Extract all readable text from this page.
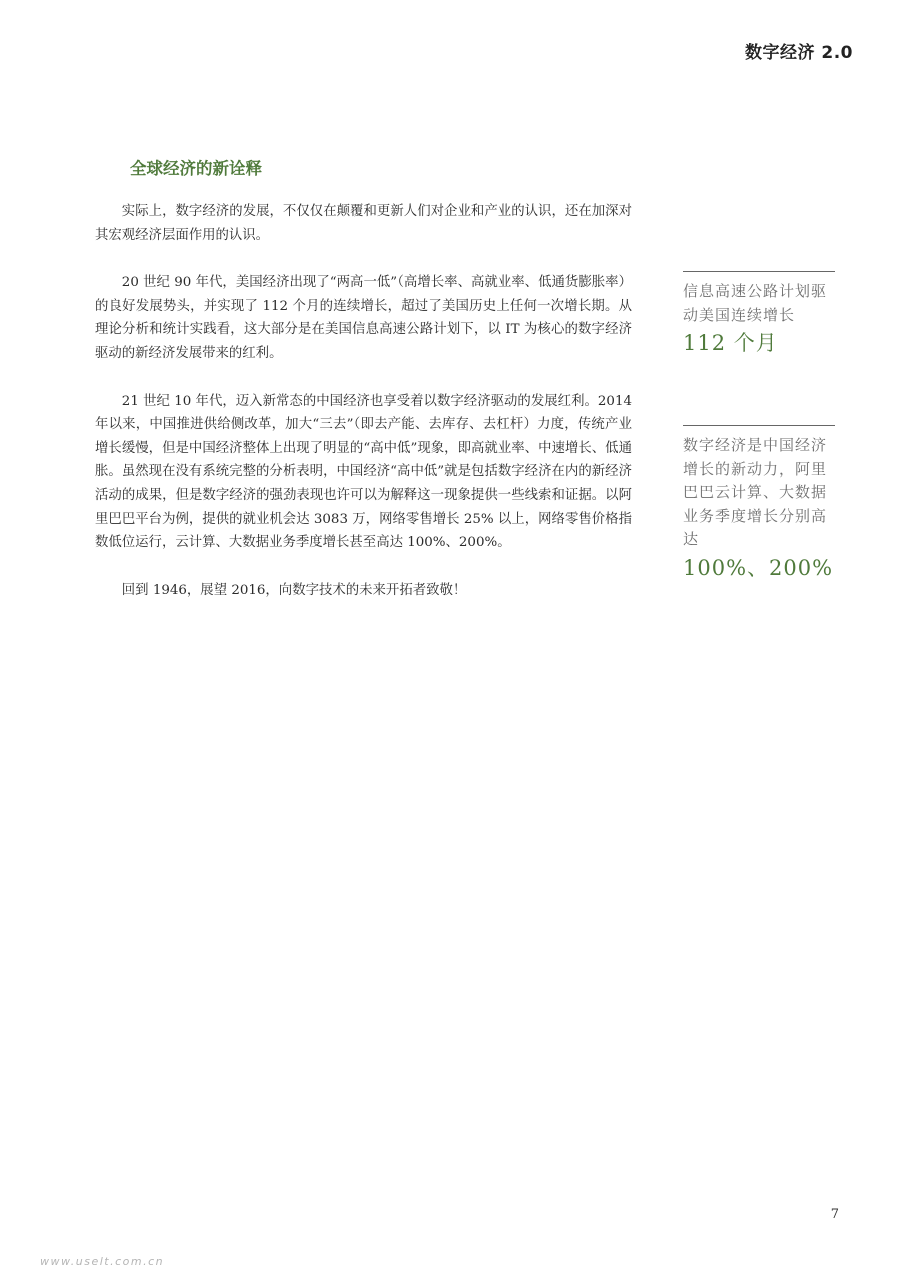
数字经济 2.0
全球经济的新诠释

实际上，数字经济的发展，不仅仅在颠覆和更新人们对企业和产业的认识，还在加深对其宏观经济层面作用的认识。

20 世纪 90 年代，美国经济出现了“两高一低”（高增长率、高就业率、低通货膨胀率）的良好发展势头，并实现了 112 个月的连续增长，超过了美国历史上任何一次增长期。从理论分析和统计实践看，这大部分是在美国信息高速公路计划下，以 IT 为核心的数字经济驱动的新经济发展带来的红利。

21 世纪 10 年代，迈入新常态的中国经济也享受着以数字经济驱动的发展红利。2014 年以来，中国推进供给侧改革，加大“三去”（即去产能、去库存、去杠杆）力度，传统产业增长缓慢，但是中国经济整体上出现了明显的“高中低”现象，即高就业率、中速增长、低通胀。虽然现在没有系统完整的分析表明，中国经济“高中低”就是包括数字经济在内的新经济活动的成果，但是数字经济的强劲表现也许可以为解释这一现象提供一些线索和证据。以阿里巴巴平台为例，提供的就业机会达 3083 万，网络零售增长 25% 以上，网络零售价格指数低位运行，云计算、大数据业务季度增长甚至高达 100%、200%。

回到 1946，展望 2016，向数字技术的未来开拓者致敬！

信息高速公路计划驱动美国连续增长
112 个月
数字经济是中国经济增长的新动力，阿里巴巴云计算、大数据业务季度增长分别高达
100%、200%
7
www.uselt.com.cn
